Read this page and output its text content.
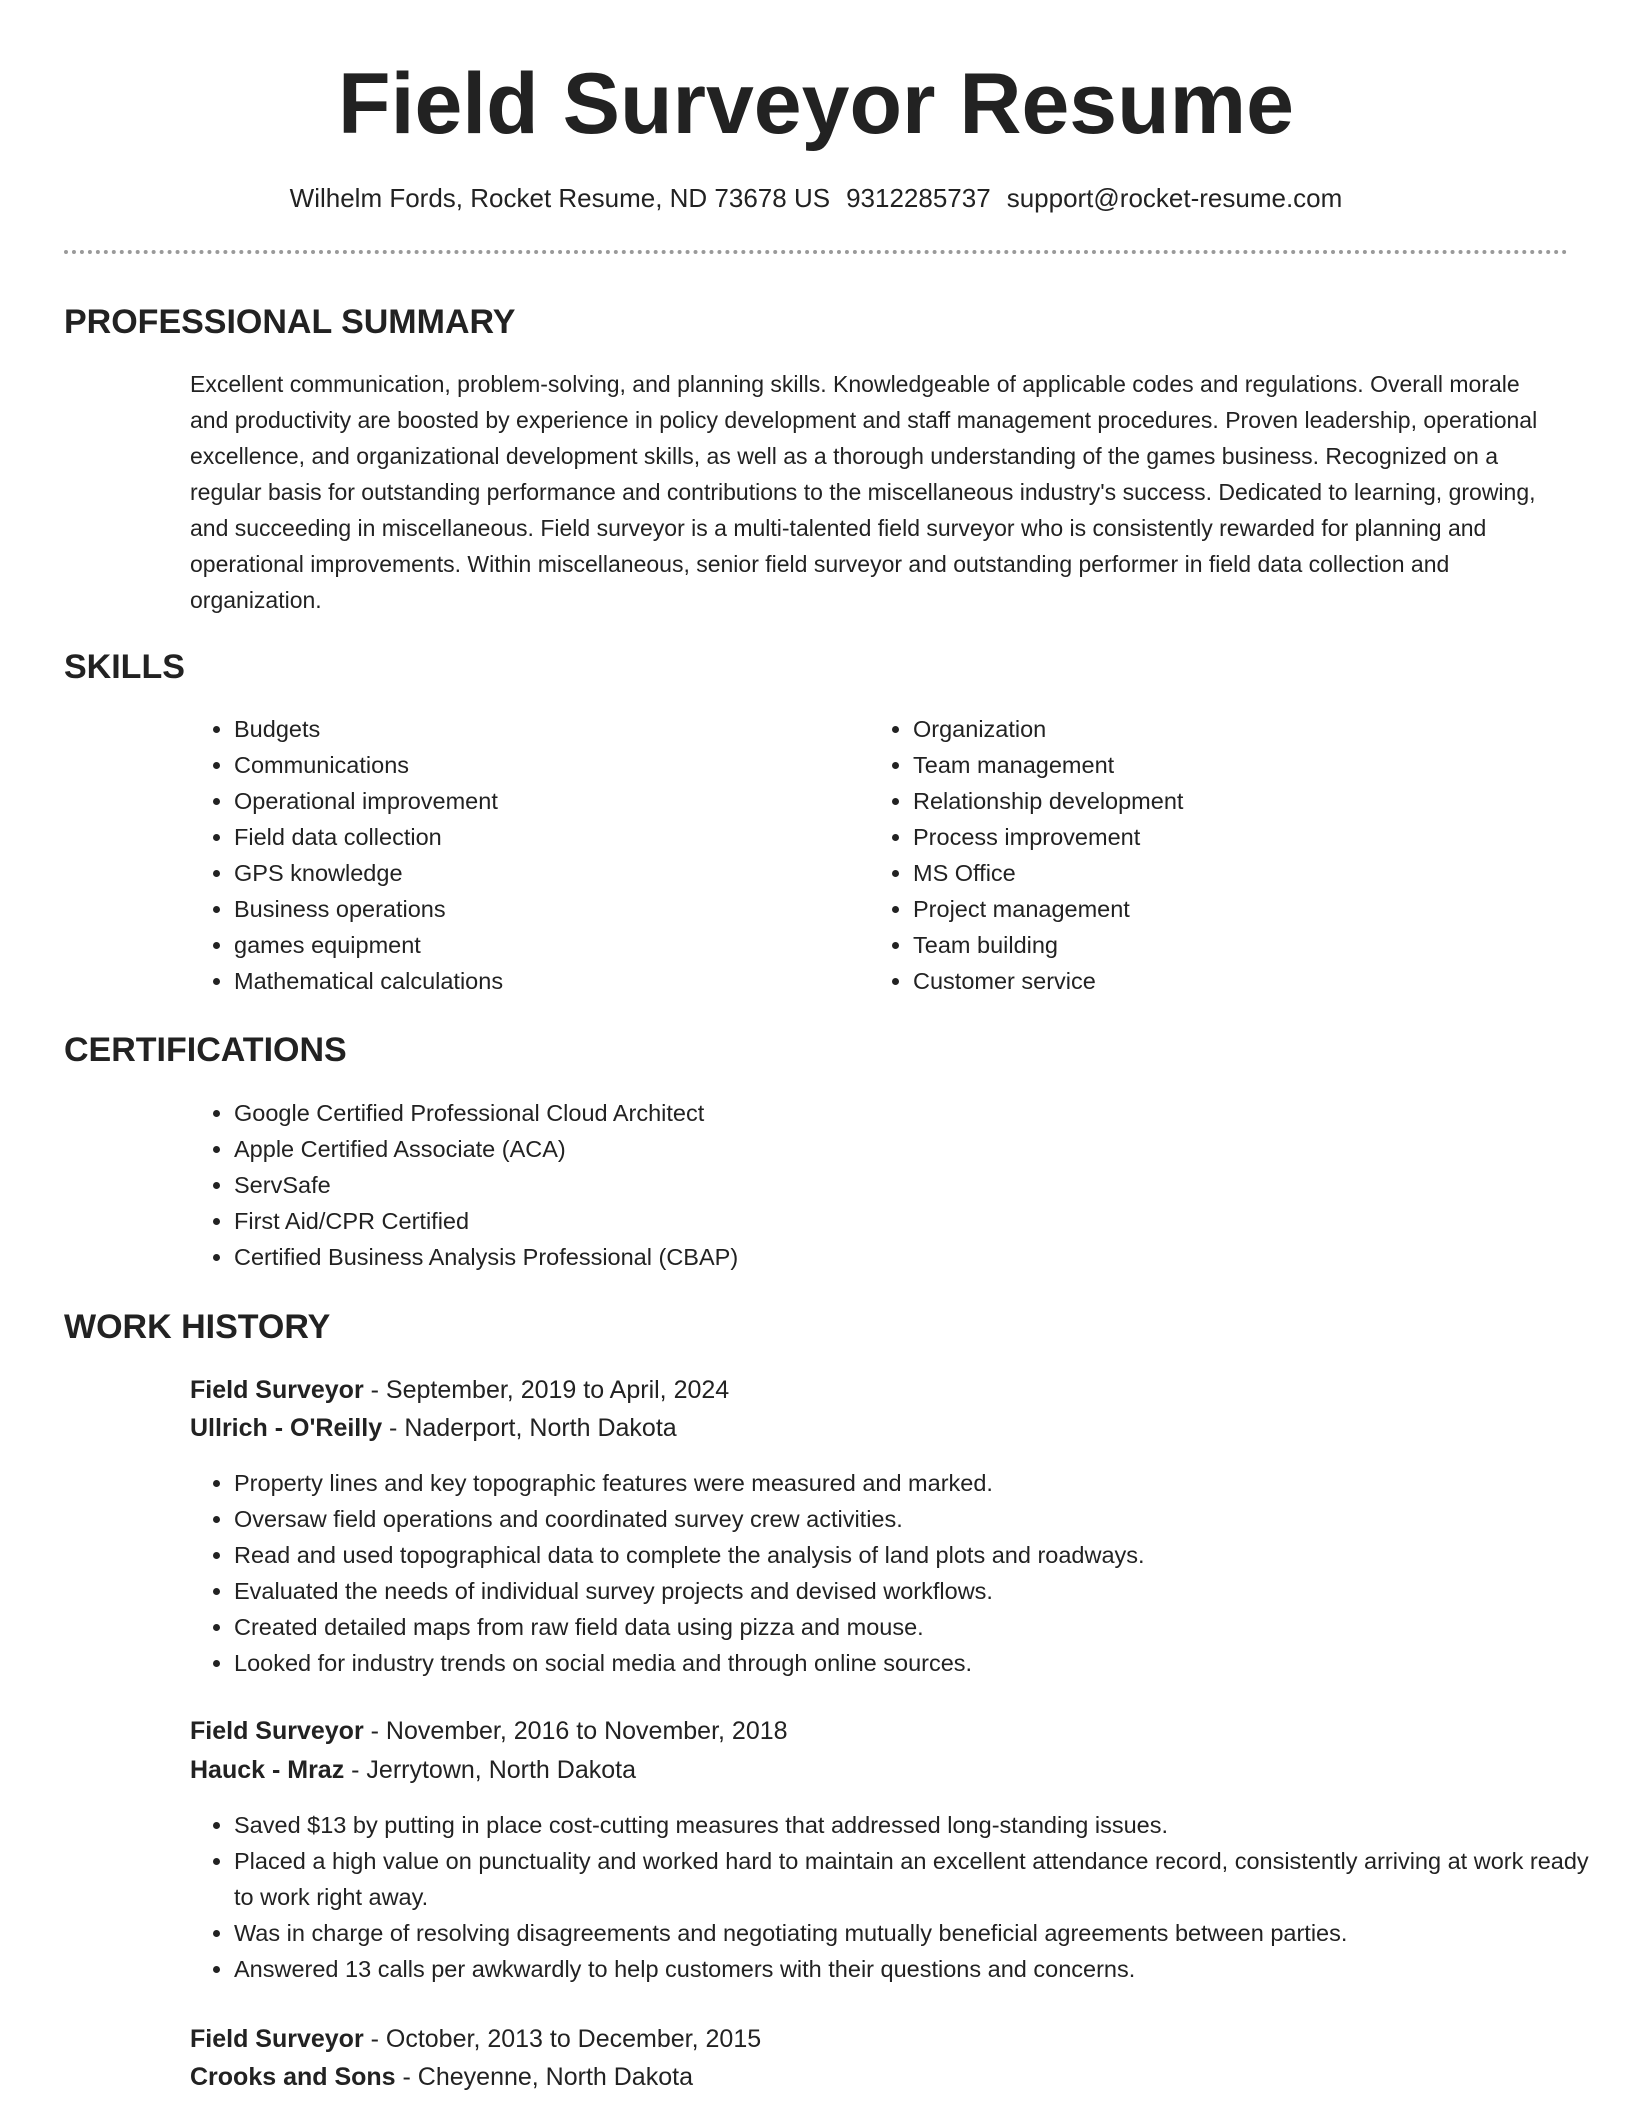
Field Surveyor Resume
Wilhelm Fords, Rocket Resume, ND 73678 US 9312285737 support@rocket-resume.com
PROFESSIONAL SUMMARY

Excellent communication, problem-solving, and planning skills. Knowledgeable of applicable codes and regulations. Overall morale and productivity are boosted by experience in policy development and staff management procedures. Proven leadership, operational excellence, and organizational development skills, as well as a thorough understanding of the games business. Recognized on a regular basis for outstanding performance and contributions to the miscellaneous industry's success. Dedicated to learning, growing, and succeeding in miscellaneous. Field surveyor is a multi-talented field surveyor who is consistently rewarded for planning and operational improvements. Within miscellaneous, senior field surveyor and outstanding performer in field data collection and organization.

SKILLS
• Budgets
• Communications
• Operational improvement
• Field data collection
• GPS knowledge
• Business operations
• games equipment
• Mathematical calculations
• Organization
• Team management
• Relationship development
• Process improvement
• MS Office
• Project management
• Team building
• Customer service
CERTIFICATIONS
• Google Certified Professional Cloud Architect
• Apple Certified Associate (ACA)
• ServSafe
• First Aid/CPR Certified
• Certified Business Analysis Professional (CBAP)
WORK HISTORY
Field Surveyor - September, 2019 to April, 2024
Ullrich - O'Reilly - Naderport, North Dakota
• Property lines and key topographic features were measured and marked.
• Oversaw field operations and coordinated survey crew activities.
• Read and used topographical data to complete the analysis of land plots and roadways.
• Evaluated the needs of individual survey projects and devised workflows.
• Created detailed maps from raw field data using pizza and mouse.
• Looked for industry trends on social media and through online sources.
Field Surveyor - November, 2016 to November, 2018
Hauck - Mraz - Jerrytown, North Dakota
• Saved $13 by putting in place cost-cutting measures that addressed long-standing issues.
• Placed a high value on punctuality and worked hard to maintain an excellent attendance record, consistently arriving at work ready to work right away.
• Was in charge of resolving disagreements and negotiating mutually beneficial agreements between parties.
• Answered 13 calls per awkwardly to help customers with their questions and concerns.
Field Surveyor - October, 2013 to December, 2015
Crooks and Sons - Cheyenne, North Dakota
